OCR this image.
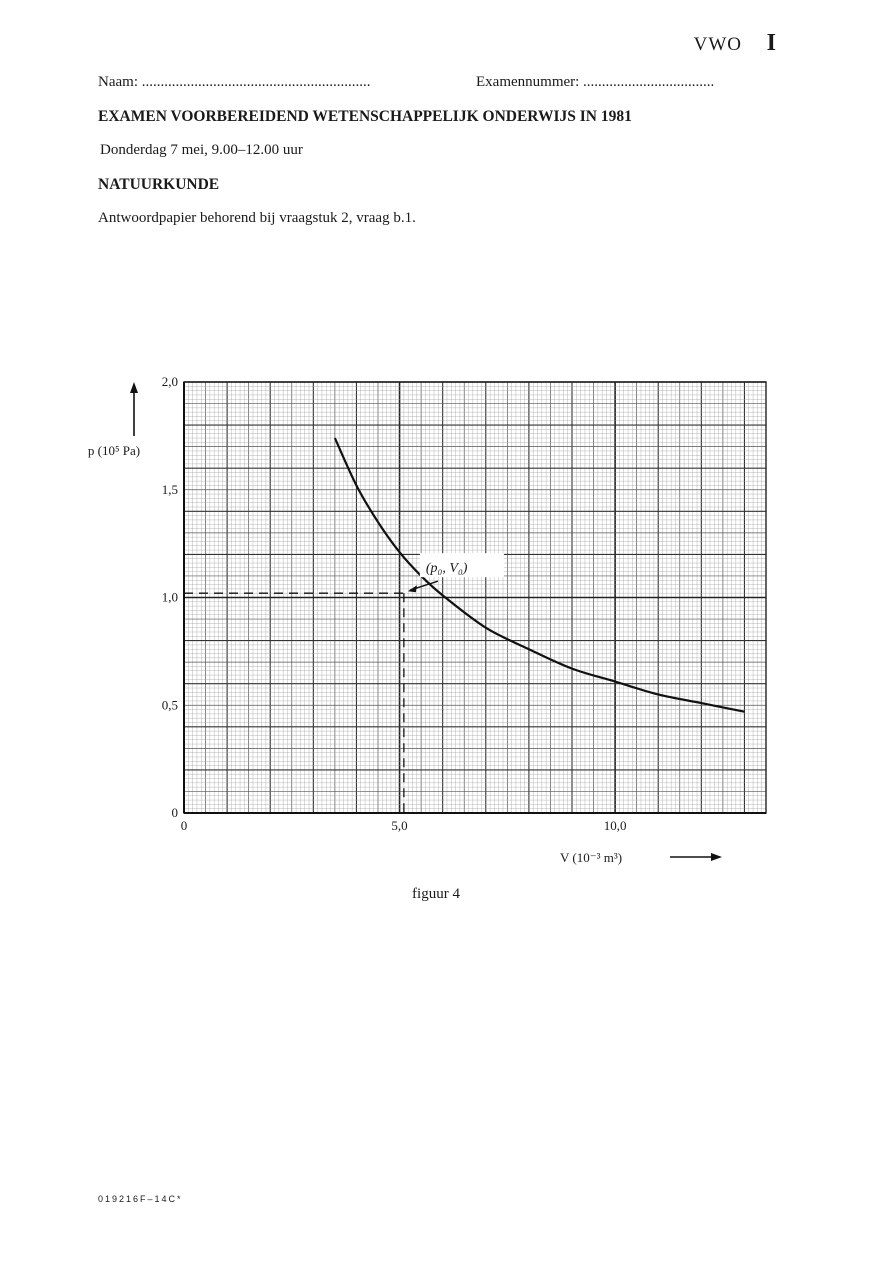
VWO I
Naam: .............................................................	Examennummer: ...................................
EXAMEN VOORBEREIDEND WETENSCHAPPELIJK ONDERWIJS IN 1981
Donderdag 7 mei, 9.00–12.00 uur
NATUURKUNDE
Antwoordpapier behorend bij vraagstuk 2, vraag b.1.
0	5,0	10,0
0
0,5
1,0
1,5
2,0
(p₀, V₀)
p (10⁵ Pa)
V (10⁻³ m³)
figuur 4
019216F–14C*
